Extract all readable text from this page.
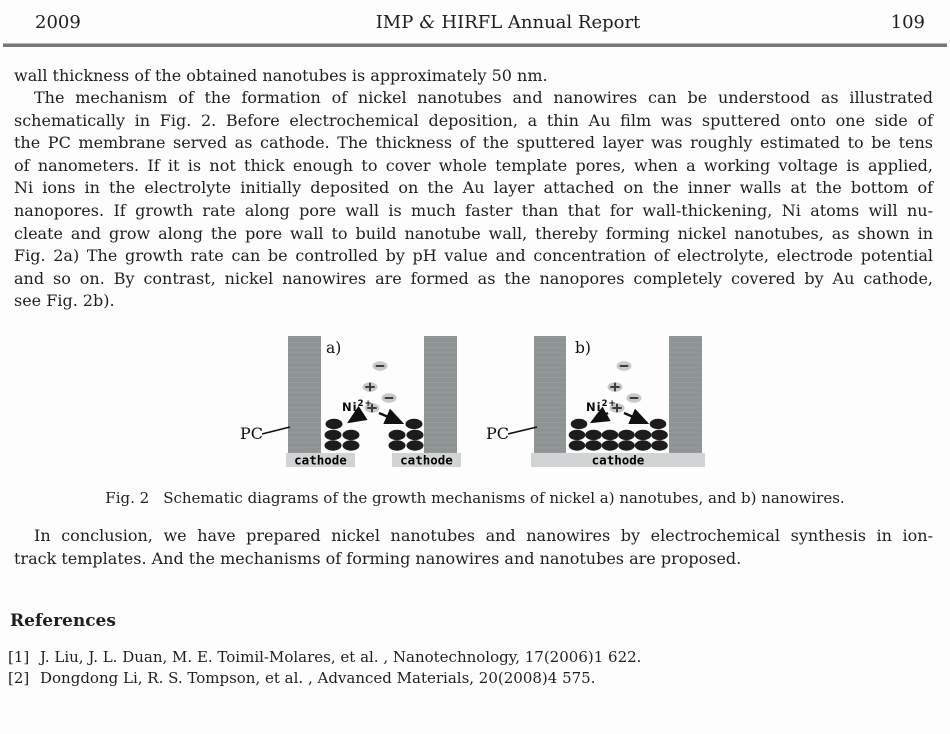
2009	IMP & HIRFL Annual Report	109
wall thickness of the obtained nanotubes is approximately 50 nm.
The mechanism of the formation of nickel nanotubes and nanowires can be understood as illustrated
schematically in Fig. 2. Before electrochemical deposition, a thin Au film was sputtered onto one side of
the PC membrane served as cathode. The thickness of the sputtered layer was roughly estimated to be tens
of nanometers. If it is not thick enough to cover whole template pores, when a working voltage is applied,
Ni ions in the electrolyte initially deposited on the Au layer attached on the inner walls at the bottom of
nanopores. If growth rate along pore wall is much faster than that for wall-thickening, Ni atoms will nu-
cleate and grow along the pore wall to build nanotube wall, thereby forming nickel nanotubes, as shown in
Fig. 2a) The growth rate can be controlled by pH value and concentration of electrolyte, electrode potential
and so on. By contrast, nickel nanowires are formed as the nanopores completely covered by Au cathode,
see Fig. 2b).
cathode	cathode
a)
PC
$Ni^{2+}$
cathode
b)
PC
$Ni^{2+}$
Fig. 2 Schematic diagrams of the growth mechanisms of nickel a) nanotubes, and b) nanowires.
In conclusion, we have prepared nickel nanotubes and nanowires by electrochemical synthesis in ion-
track templates. And the mechanisms of forming nanowires and nanotubes are proposed.
References
[1] J. Liu, J. L. Duan, M. E. Toimil-Molares, et al. , Nanotechnology, 17(2006)1 622.
[2] Dongdong Li, R. S. Tompson, et al. , Advanced Materials, 20(2008)4 575.
